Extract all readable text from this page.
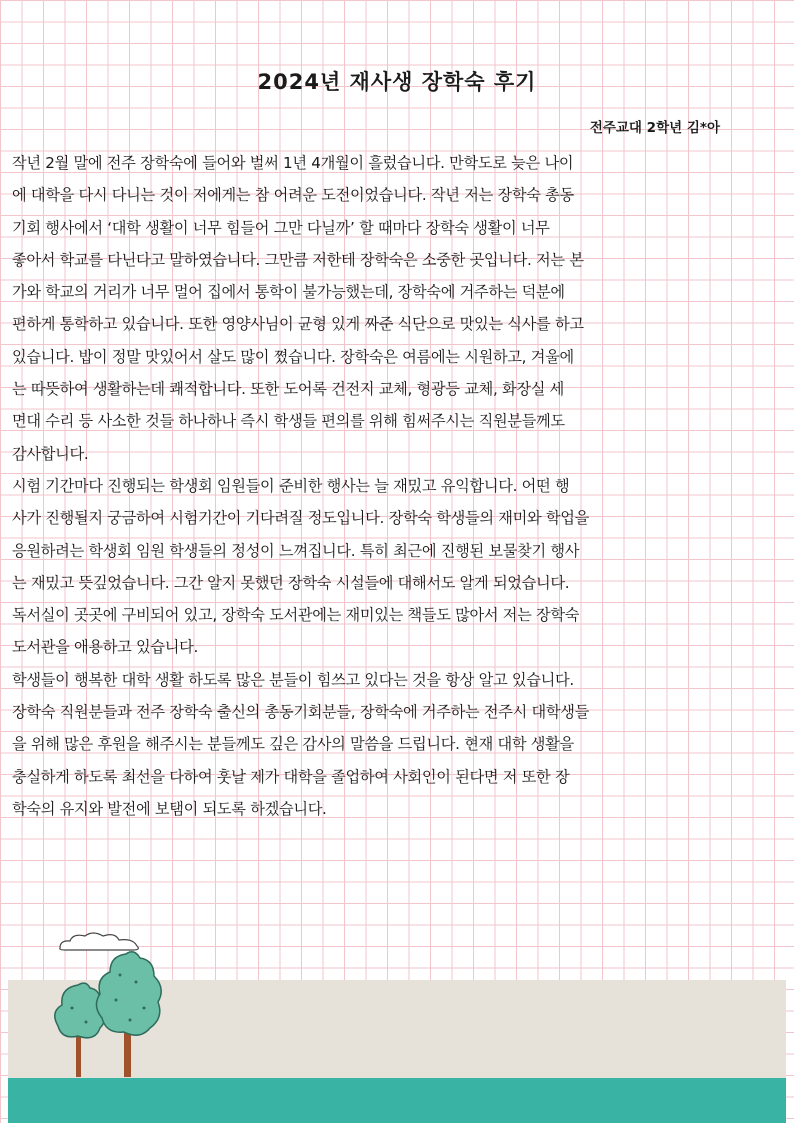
2024년 재사생 장학숙 후기
전주교대 2학년 김*아
작년 2월 말에 전주 장학숙에 들어와 벌써 1년 4개월이 흘렀습니다. 만학도로 늦은 나이
에 대학을 다시 다니는 것이 저에게는 참 어려운 도전이었습니다. 작년 저는 장학숙 총동
기회 행사에서 ‘대학 생활이 너무 힘들어 그만 다닐까’ 할 때마다 장학숙 생활이 너무
좋아서 학교를 다닌다고 말하였습니다. 그만큼 저한테 장학숙은 소중한 곳입니다. 저는 본
가와 학교의 거리가 너무 멀어 집에서 통학이 불가능했는데, 장학숙에 거주하는 덕분에
편하게 통학하고 있습니다. 또한 영양사님이 균형 있게 짜준 식단으로 맛있는 식사를 하고
있습니다. 밥이 정말 맛있어서 살도 많이 쪘습니다. 장학숙은 여름에는 시원하고, 겨울에
는 따뜻하여 생활하는데 쾌적합니다. 또한 도어록 건전지 교체, 형광등 교체, 화장실 세
면대 수리 등 사소한 것들 하나하나 즉시 학생들 편의를 위해 힘써주시는 직원분들께도
감사합니다.
시험 기간마다 진행되는 학생회 임원들이 준비한 행사는 늘 재밌고 유익합니다. 어떤 행
사가 진행될지 궁금하여 시험기간이 기다려질 정도입니다. 장학숙 학생들의 재미와 학업을
응원하려는 학생회 임원 학생들의 정성이 느껴집니다. 특히 최근에 진행된 보물찾기 행사
는 재밌고 뜻깊었습니다. 그간 알지 못했던 장학숙 시설들에 대해서도 알게 되었습니다.
독서실이 곳곳에 구비되어 있고, 장학숙 도서관에는 재미있는 책들도 많아서 저는 장학숙
도서관을 애용하고 있습니다.
학생들이 행복한 대학 생활 하도록 많은 분들이 힘쓰고 있다는 것을 항상 알고 있습니다.
장학숙 직원분들과 전주 장학숙 출신의 총동기회분들, 장학숙에 거주하는 전주시 대학생들
을 위해 많은 후원을 해주시는 분들께도 깊은 감사의 말씀을 드립니다. 현재 대학 생활을
충실하게 하도록 최선을 다하여 훗날 제가 대학을 졸업하여 사회인이 된다면 저 또한 장
학숙의 유지와 발전에 보탬이 되도록 하겠습니다.
